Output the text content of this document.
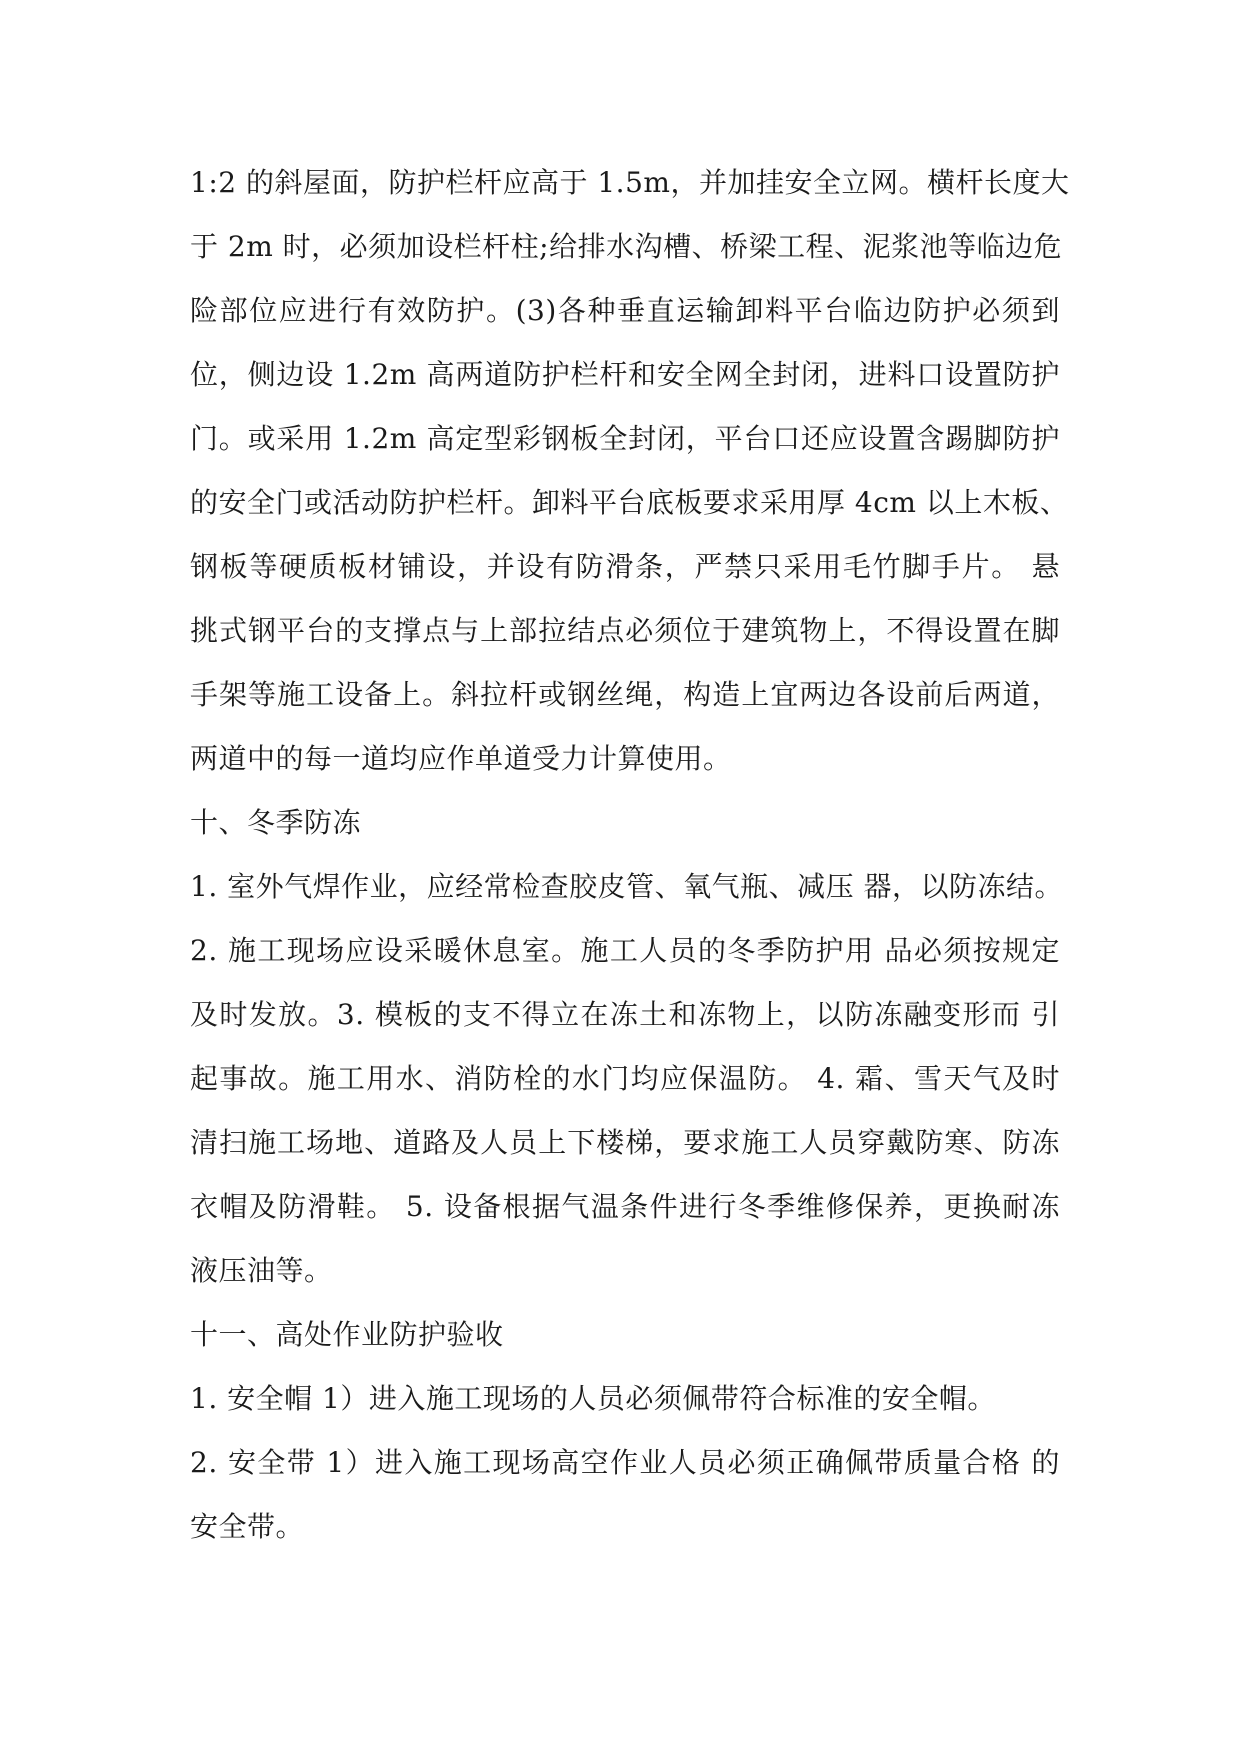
1:2 的斜屋面，防护栏杆应高于 1.5m，并加挂安全立网。横杆长度大
于 2m 时，必须加设栏杆柱;给排水沟槽、桥梁工程、泥浆池等临边危
险部位应进行有效防护。(3)各种垂直运输卸料平台临边防护必须到
位，侧边设 1.2m 高两道防护栏杆和安全网全封闭，进料口设置防护
门。或采用 1.2m 高定型彩钢板全封闭，平台口还应设置含踢脚防护
的安全门或活动防护栏杆。卸料平台底板要求采用厚 4cm 以上木板、
钢板等硬质板材铺设，并设有防滑条，严禁只采用毛竹脚手片。 悬
挑式钢平台的支撑点与上部拉结点必须位于建筑物上，不得设置在脚
手架等施工设备上。斜拉杆或钢丝绳，构造上宜两边各设前后两道，
两道中的每一道均应作单道受力计算使用。
十、冬季防冻
1. 室外气焊作业，应经常检查胶皮管、氧气瓶、减压 器，以防冻结。
2. 施工现场应设采暖休息室。施工人员的冬季防护用 品必须按规定
及时发放。3. 模板的支不得立在冻土和冻物上，以防冻融变形而 引
起事故。施工用水、消防栓的水门均应保温防。 4. 霜、雪天气及时
清扫施工场地、道路及人员上下楼梯，要求施工人员穿戴防寒、防冻
衣帽及防滑鞋。 5. 设备根据气温条件进行冬季维修保养，更换耐冻
液压油等。
十一、高处作业防护验收
1. 安全帽 1）进入施工现场的人员必须佩带符合标准的安全帽。
2. 安全带 1）进入施工现场高空作业人员必须正确佩带质量合格 的
安全带。
